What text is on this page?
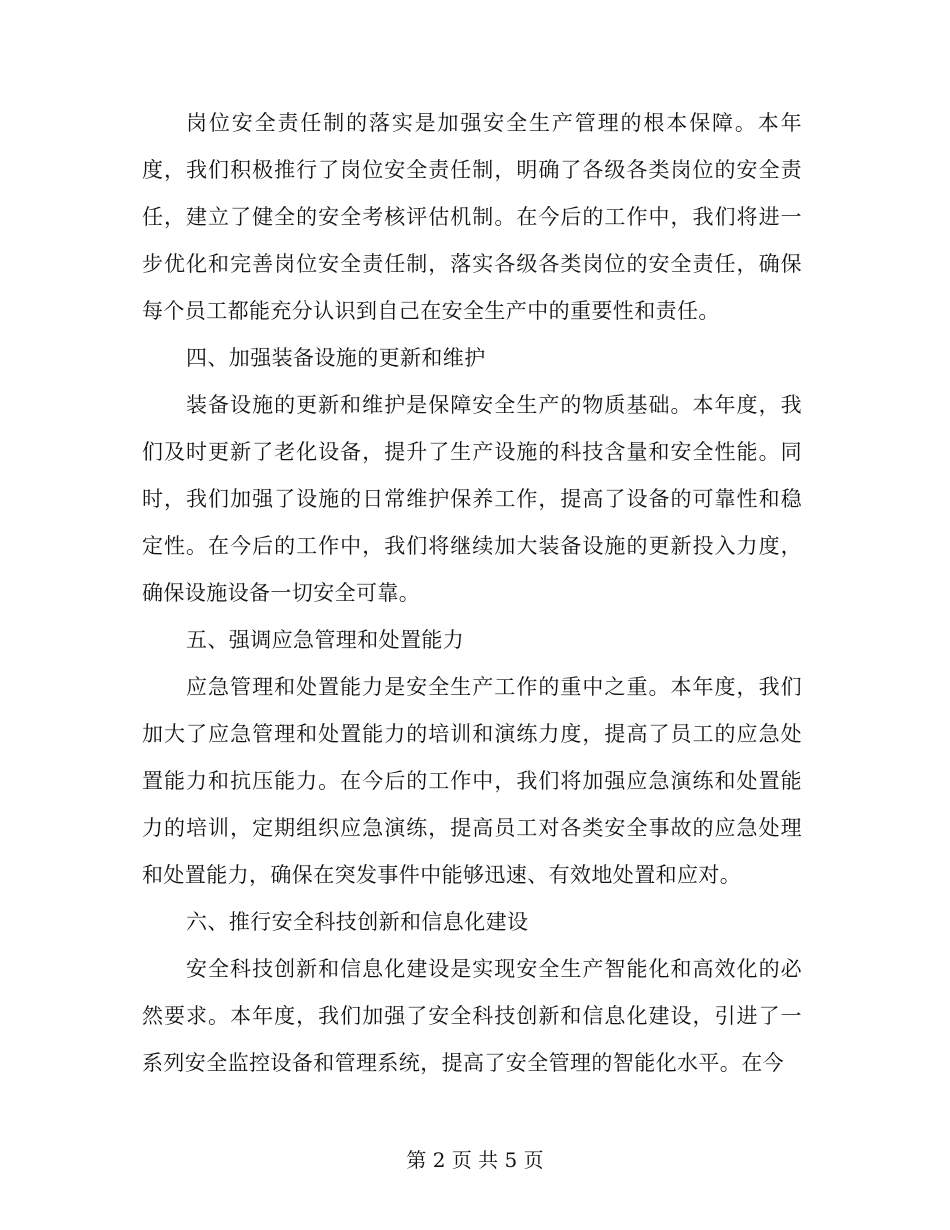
岗位安全责任制的落实是加强安全生产管理的根本保障。本年度，我们积极推行了岗位安全责任制，明确了各级各类岗位的安全责任，建立了健全的安全考核评估机制。在今后的工作中，我们将进一步优化和完善岗位安全责任制，落实各级各类岗位的安全责任，确保每个员工都能充分认识到自己在安全生产中的重要性和责任。

四、加强装备设施的更新和维护

装备设施的更新和维护是保障安全生产的物质基础。本年度，我们及时更新了老化设备，提升了生产设施的科技含量和安全性能。同时，我们加强了设施的日常维护保养工作，提高了设备的可靠性和稳定性。在今后的工作中，我们将继续加大装备设施的更新投入力度，确保设施设备一切安全可靠。

五、强调应急管理和处置能力

应急管理和处置能力是安全生产工作的重中之重。本年度，我们加大了应急管理和处置能力的培训和演练力度，提高了员工的应急处置能力和抗压能力。在今后的工作中，我们将加强应急演练和处置能力的培训，定期组织应急演练，提高员工对各类安全事故的应急处理和处置能力，确保在突发事件中能够迅速、有效地处置和应对。

六、推行安全科技创新和信息化建设

安全科技创新和信息化建设是实现安全生产智能化和高效化的必然要求。本年度，我们加强了安全科技创新和信息化建设，引进了一系列安全监控设备和管理系统，提高了安全管理的智能化水平。在今

第 2 页 共 5 页
